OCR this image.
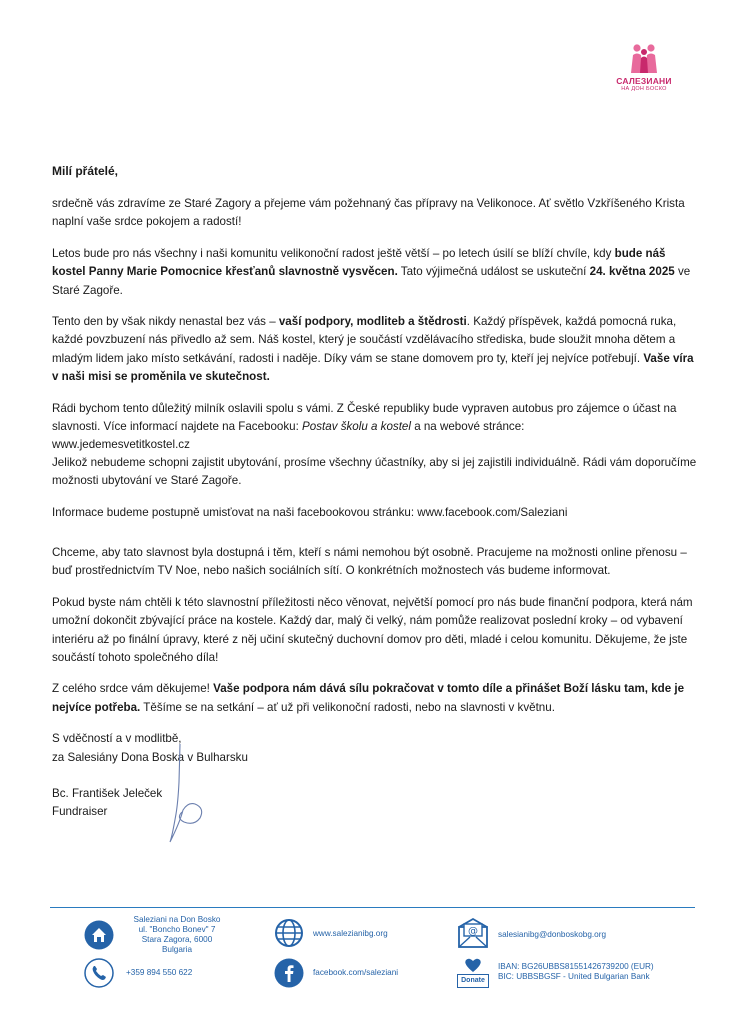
САЛЕЗИАНИ
НА ДОН БОСКО

Milí přátelé,

srdečně vás zdravíme ze Staré Zagory a přejeme vám požehnaný čas přípravy na Velikonoce. Ať světlo Vzkříšeného Krista naplní vaše srdce pokojem a radostí!

Letos bude pro nás všechny i naši komunitu velikonoční radost ještě větší – po letech úsilí se blíží chvíle, kdy bude náš kostel Panny Marie Pomocnice křesťanů slavnostně vysvěcen. Tato výjimečná událost se uskuteční 24. května 2025 ve Staré Zagoře.

Tento den by však nikdy nenastal bez vás – vaší podpory, modliteb a štědrosti. Každý příspěvek, každá pomocná ruka, každé povzbuzení nás přivedlo až sem. Náš kostel, který je součástí vzdělávacího střediska, bude sloužit mnoha dětem a mladým lidem jako místo setkávání, radosti i naděje. Díky vám se stane domovem pro ty, kteří jej nejvíce potřebují. Vaše víra v naši misi se proměnila ve skutečnost.

Rádi bychom tento důležitý milník oslavili spolu s vámi. Z České republiky bude vypraven autobus pro zájemce o účast na slavnosti. Více informací najdete na Facebooku: Postav školu a kostel a na webové stránce:
www.jedemesvetitkostel.cz
Jelikož nebudeme schopni zajistit ubytování, prosíme všechny účastníky, aby si jej zajistili individuálně. Rádi vám doporučíme možnosti ubytování ve Staré Zagoře.

Informace budeme postupně umisťovat na naši facebookovou stránku: www.facebook.com/Saleziani

Chceme, aby tato slavnost byla dostupná i těm, kteří s námi nemohou být osobně. Pracujeme na možnosti online přenosu – buď prostřednictvím TV Noe, nebo našich sociálních sítí. O konkrétních možnostech vás budeme informovat.

Pokud byste nám chtěli k této slavnostní příležitosti něco věnovat, největší pomocí pro nás bude finanční podpora, která nám umožní dokončit zbývající práce na kostele. Každý dar, malý či velký, nám pomůže realizovat poslední kroky – od vybavení interiéru až po finální úpravy, které z něj učiní skutečný duchovní domov pro děti, mladé i celou komunitu. Děkujeme, že jste součástí tohoto společného díla!

Z celého srdce vám děkujeme! Vaše podpora nám dává sílu pokračovat v tomto díle a přinášet Boží lásku tam, kde je nejvíce potřeba. Těšíme se na setkání – ať už při velikonoční radosti, nebo na slavnosti v květnu.

S vděčností a v modlitbě,
za Salesiány Dona Boska v Bulharsku

Bc. František Jeleček
Fundraiser

Saleziani na Don Bosko
ul. "Boncho Bonev" 7
Stara Zagora, 6000
Bulgaria
+359 894 550 622
www.salezianibg.org
facebook.com/saleziani
@ salesianibg@donboskobg.org
Donate
IBAN: BG26UBBS81551426739200 (EUR)
BIC: UBBSBGSF - United Bulgarian Bank
